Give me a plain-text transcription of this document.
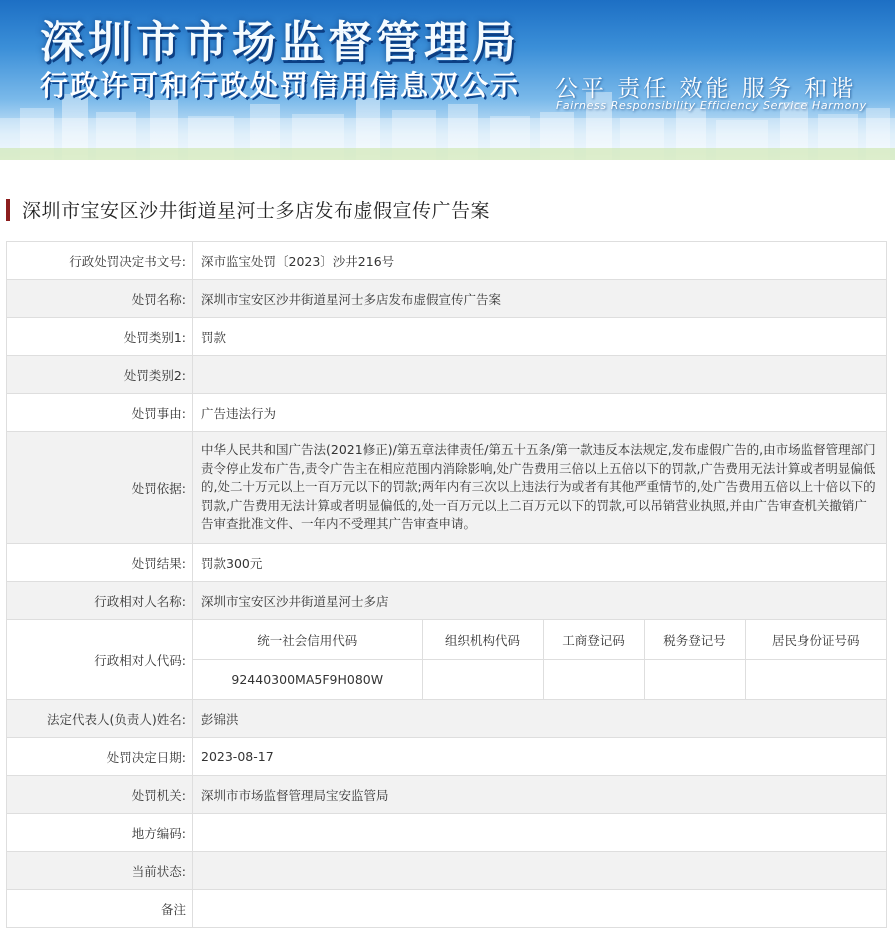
深圳市市场监督管理局
行政许可和行政处罚信用信息双公示 公平 责任 效能 服务 和谐
Fairness Responsibility Efficiency Service Harmony
深圳市宝安区沙井街道星河士多店发布虚假宣传广告案
行政处罚决定书文号:	深市监宝处罚〔2023〕沙井216号
处罚名称:	深圳市宝安区沙井街道星河士多店发布虚假宣传广告案
处罚类别1:	罚款
处罚类别2:	
处罚事由:	广告违法行为
处罚依据:	中华人民共和国广告法(2021修正)/第五章法律责任/第五十五条/第一款违反本法规定,发布虚假广告的,由市场监督管理部门责令停止发布广告,责令广告主在相应范围内消除影响,处广告费用三倍以上五倍以下的罚款,广告费用无法计算或者明显偏低的,处二十万元以上一百万元以下的罚款;两年内有三次以上违法行为或者有其他严重情节的,处广告费用五倍以上十倍以下的罚款,广告费用无法计算或者明显偏低的,处一百万元以上二百万元以下的罚款,可以吊销营业执照,并由广告审查机关撤销广告审查批准文件、一年内不受理其广告审查申请。
处罚结果:	罚款300元
行政相对人名称:	深圳市宝安区沙井街道星河士多店
行政相对人代码:	
统一社会信用代码	组织机构代码	工商登记码	税务登记号	居民身份证号码
92440300MA5F9H080W				

法定代表人(负责人)姓名:	彭锦洪
处罚决定日期:	2023-08-17
处罚机关:	深圳市市场监督管理局宝安监管局
地方编码:	
当前状态:	
备注	
